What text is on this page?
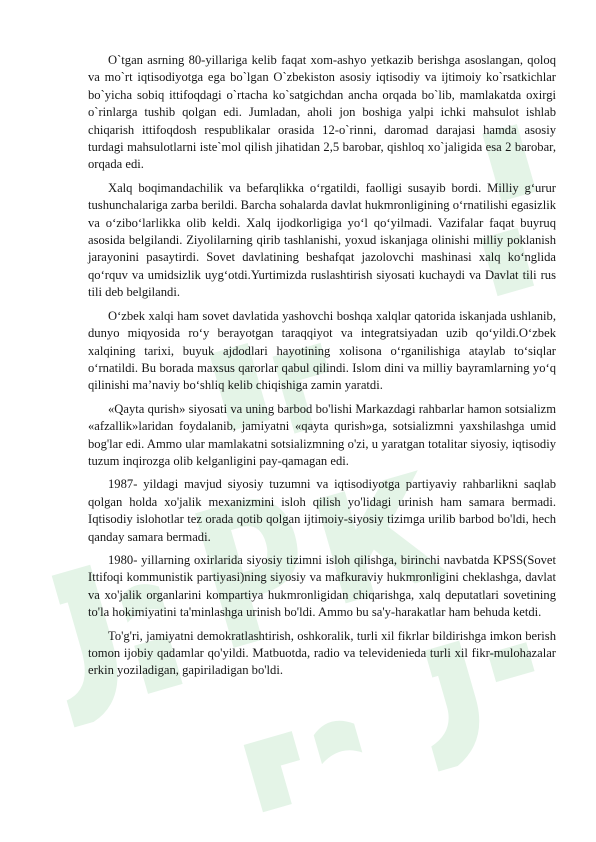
O`tgan asrning 80-yillariga kelib faqat xom-ashyo yetkazib berishga asoslangan, qoloq va mo`rt iqtisodiyotga ega bo`lgan O`zbekiston asosiy iqtisodiy va ijtimoiy ko`rsatkichlar bo`yicha sobiq ittifoqdagi o`rtacha ko`satgichdan ancha orqada bo`lib, mamlakatda oxirgi o`rinlarga tushib qolgan edi. Jumladan, aholi jon boshiga yalpi ichki mahsulot ishlab chiqarish ittifoqdosh respublikalar orasida 12-o`rinni, daromad darajasi hamda asosiy turdagi mahsulotlarni iste`mol qilish jihatidan 2,5 barobar, qishloq xo`jaligida esa 2 barobar, orqada edi.

Xalq boqimandachilik va befarqlikka o‘rgatildi, faolligi susayib bordi. Milliy g‘urur tushunchalariga zarba berildi. Barcha sohalarda davlat hukmronligining o‘rnatilishi egasizlik va o‘zibo‘larlikka olib keldi. Xalq ijodkorligiga yo‘l qo‘yilmadi. Vazifalar faqat buyruq asosida belgilandi. Ziyolilarning qirib tashlanishi, yoxud iskanjaga olinishi milliy poklanish jarayonini pasaytirdi. Sovet davlatining beshafqat jazolovchi mashinasi xalq ko‘nglida qo‘rquv va umidsizlik uyg‘otdi.Yurtimizda ruslashtirish siyosati kuchaydi va Davlat tili rus tili deb belgilandi.

O‘zbek xalqi ham sovet davlatida yashovchi boshqa xalqlar qatorida iskanjada ushlanib, dunyo miqyosida ro‘y berayotgan taraqqiyot va integratsiyadan uzib qo‘yildi.O‘zbek xalqining tarixi, buyuk ajdodlari hayotining xolisona o‘rganilishiga ataylab to‘siqlar o‘rnatildi. Bu borada maxsus qarorlar qabul qilindi. Islom dini va milliy bayramlarning yo‘q qilinishi ma’naviy bo‘shliq kelib chiqishiga zamin yaratdi.

«Qayta qurish» siyosati va uning barbod bo'lishi Markazdagi rahbarlar hamon sotsializm «afzallik»laridan foydalanib, jamiyatni «qayta qurish»ga, sotsializmni yaxshilashga umid bog'lar edi. Ammo ular mamlakatni sotsializmning o'zi, u yaratgan totalitar siyosiy, iqtisodiy tuzum inqirozga olib kelganligini pay-qamagan edi.

1987- yildagi mavjud siyosiy tuzumni va iqtisodiyotga partiyaviy rahbarlikni saqlab qolgan holda xo'jalik mexanizmini isloh qilish yo'lidagi urinish ham samara bermadi. Iqtisodiy islohotlar tez orada qotib qolgan ijtimoiy-siyosiy tizimga urilib barbod bo'ldi, hech qanday samara bermadi.

1980- yillarning oxirlarida siyosiy tizimni isloh qilishga, birinchi navbatda KPSS(Sovet Ittifoqi kommunistik partiyasi)ning siyosiy va mafkuraviy hukmronligini cheklashga, davlat va xo'jalik organlarini kompartiya hukmronligidan chiqarishga, xalq deputatlari sovetining to'la hokimiyatini ta'minlashga urinish bo'ldi. Ammo bu sa'y-harakatlar ham behuda ketdi.

To'g'ri, jamiyatni demokratlashtirish, oshkoralik, turli xil fikrlar bildirishga imkon berish tomon ijobiy qadamlar qo'yildi. Matbuotda, radio va televidenieda turli xil fikr-mulohazalar erkin yoziladigan, gapiriladigan bo'ldi.
